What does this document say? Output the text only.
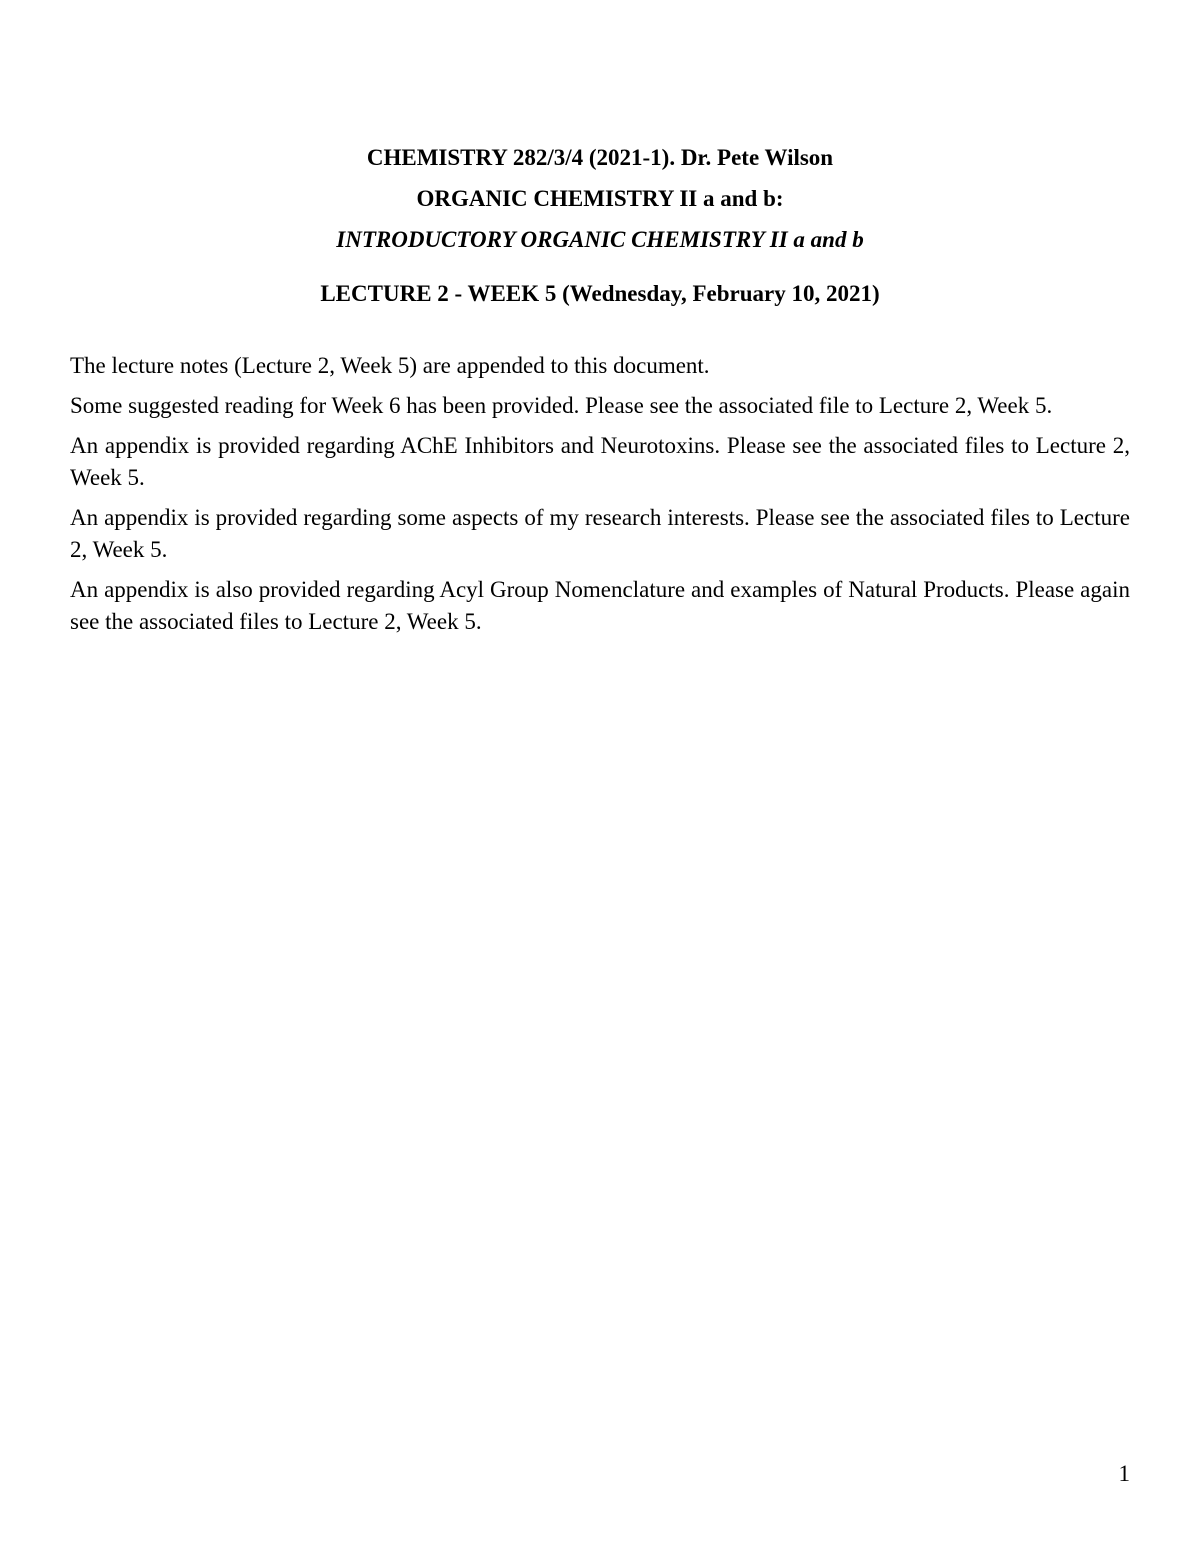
CHEMISTRY 282/3/4 (2021-1). Dr. Pete Wilson
ORGANIC CHEMISTRY II a and b:
INTRODUCTORY ORGANIC CHEMISTRY II a and b
LECTURE 2 - WEEK 5 (Wednesday, February 10, 2021)

The lecture notes (Lecture 2, Week 5) are appended to this document.

Some suggested reading for Week 6 has been provided. Please see the associated file to Lecture 2, Week 5.

An appendix is provided regarding AChE Inhibitors and Neurotoxins. Please see the associated files to Lecture 2, Week 5.

An appendix is provided regarding some aspects of my research interests. Please see the associated files to Lecture 2, Week 5.

An appendix is also provided regarding Acyl Group Nomenclature and examples of Natural Products. Please again see the associated files to Lecture 2, Week 5.

1
